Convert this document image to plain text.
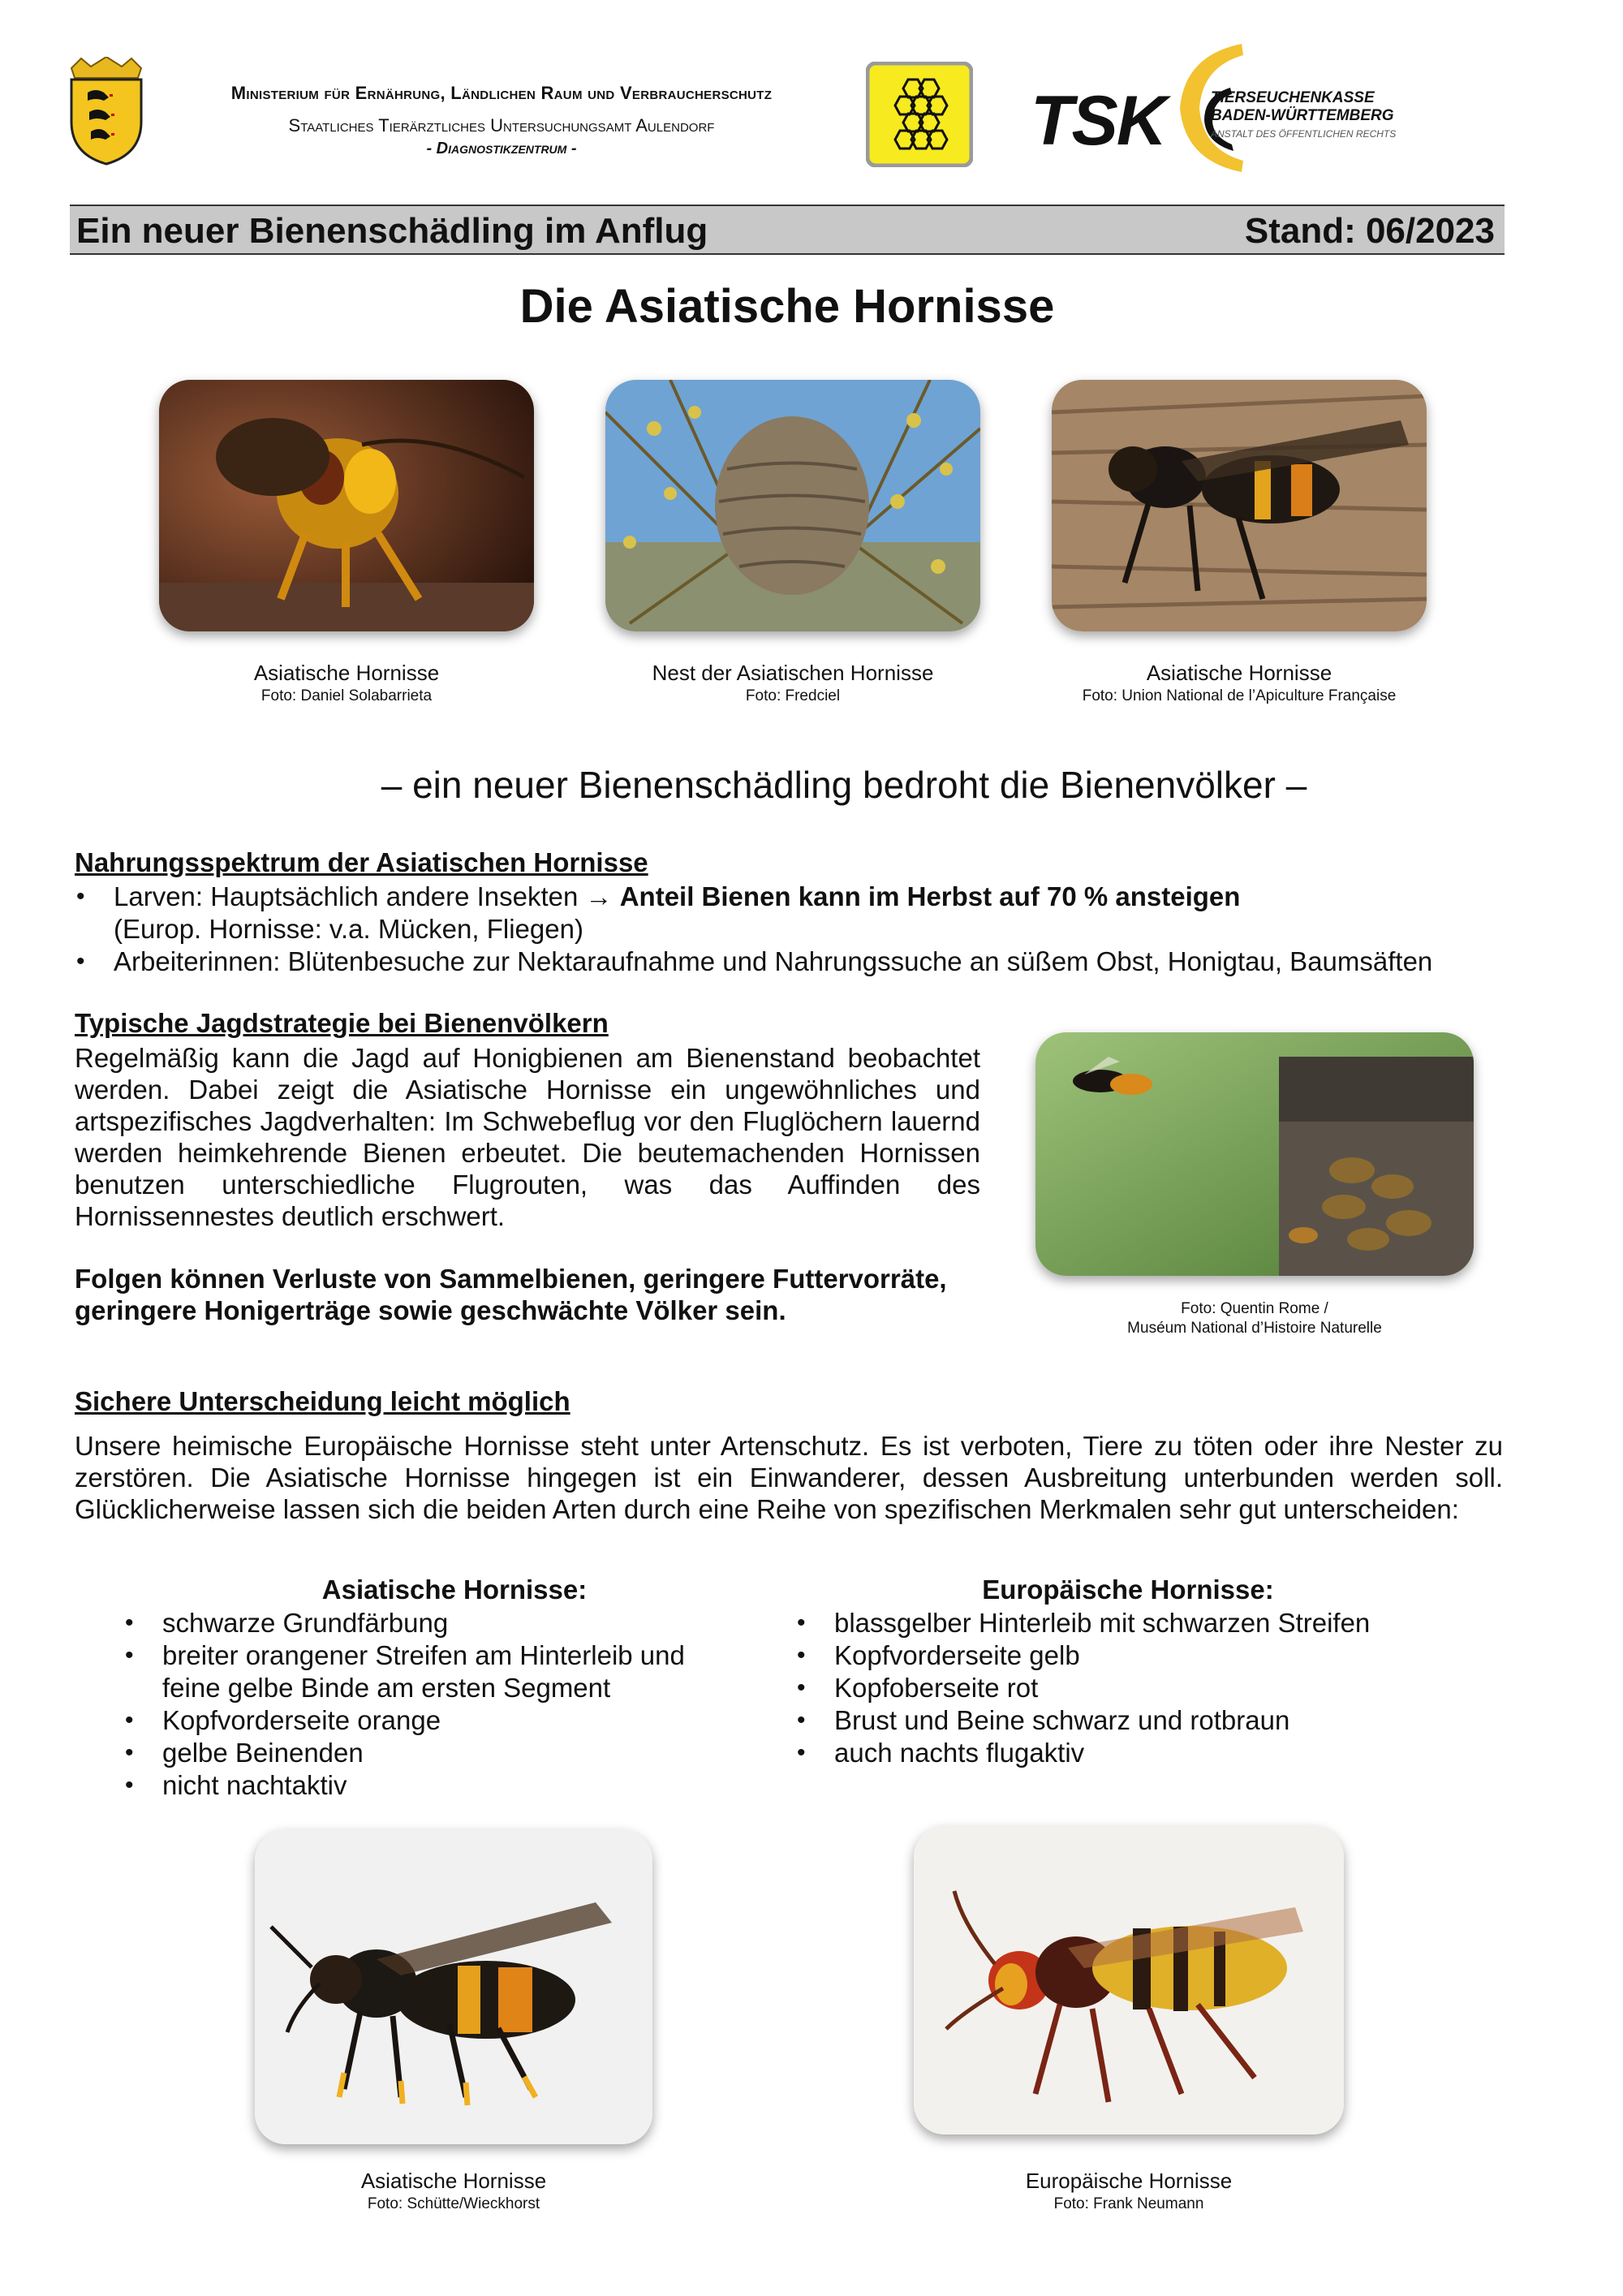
Ministerium für Ernährung, Ländlichen Raum und Verbraucherschutz
Staatliches Tierärztliches Untersuchungsamt Aulendorf
- Diagnostikzentrum -	TSK	TIERSEUCHENKASSE
BADEN-WÜRTTEMBERG
ANSTALT DES ÖFFENTLICHEN RECHTS
Ein neuer Bienenschädling im Anflug	Stand: 06/2023
Die Asiatische Hornisse
Asiatische Hornisse
Foto: Daniel Solabarrieta
Nest der Asiatischen Hornisse
Foto: Fredciel
Asiatische Hornisse
Foto: Union National de l’Apiculture Française
– ein neuer Bienenschädling bedroht die Bienenvölker –
Nahrungsspektrum der Asiatischen Hornisse
• Larven: Hauptsächlich andere Insekten → Anteil Bienen kann im Herbst auf 70 % ansteigen
(Europ. Hornisse: v.a. Mücken, Fliegen)
• Arbeiterinnen: Blütenbesuche zur Nektaraufnahme und Nahrungssuche an süßem Obst, Honigtau, Baumsäften
Typische Jagdstrategie bei Bienenvölkern
Regelmäßig kann die Jagd auf Honigbienen am Bienenstand beobachtet werden. Dabei zeigt die Asiatische Hornisse ein ungewöhnliches und artspezifisches Jagdverhalten: Im Schwebeflug vor den Fluglöchern lauernd werden heimkehrende Bienen erbeutet. Die beutemachenden Hornissen benutzen unterschiedliche Flugrouten, was das Auffinden des Hornissennestes deutlich erschwert.
Folgen können Verluste von Sammelbienen, geringere Futtervorräte, geringere Honigerträge sowie geschwächte Völker sein.	Foto: Quentin Rome /
Muséum National d’Histoire Naturelle
Sichere Unterscheidung leicht möglich
Unsere heimische Europäische Hornisse steht unter Artenschutz. Es ist verboten, Tiere zu töten oder ihre Nester zu zerstören. Die Asiatische Hornisse hingegen ist ein Einwanderer, dessen Ausbreitung unterbunden werden soll. Glücklicherweise lassen sich die beiden Arten durch eine Reihe von spezifischen Merkmalen sehr gut unterscheiden:
Asiatische Hornisse:
• schwarze Grundfärbung
• breiter orangener Streifen am Hinterleib und feine gelbe Binde am ersten Segment
• Kopfvorderseite orange
• gelbe Beinenden
• nicht nachtaktiv
Europäische Hornisse:
• blassgelber Hinterleib mit schwarzen Streifen
• Kopfvorderseite gelb
• Kopfoberseite rot
• Brust und Beine schwarz und rotbraun
• auch nachts flugaktiv
Asiatische Hornisse
Foto: Schütte/Wieckhorst
Europäische Hornisse
Foto: Frank Neumann
